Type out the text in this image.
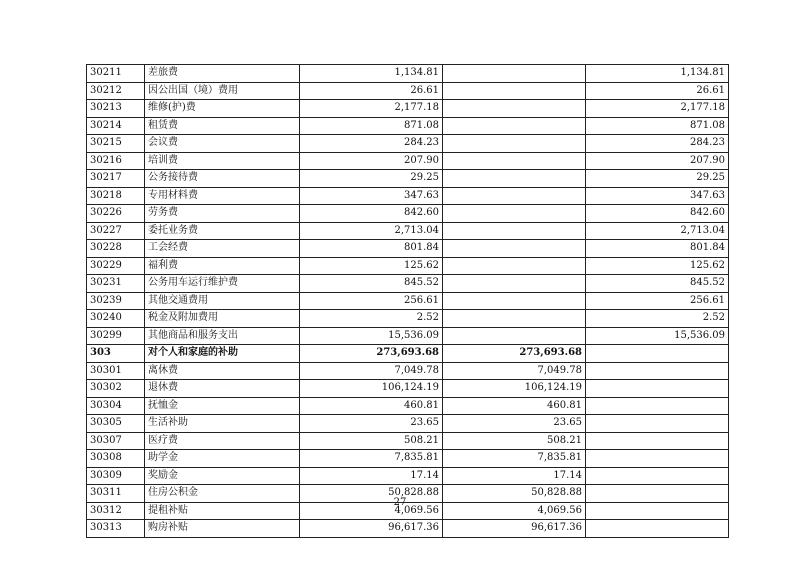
30211	差旅费	1,134.81		1,134.81
30212	因公出国（境）费用	26.61		26.61
30213	维修(护)费	2,177.18		2,177.18
30214	租赁费	871.08		871.08
30215	会议费	284.23		284.23
30216	培训费	207.90		207.90
30217	公务接待费	29.25		29.25
30218	专用材料费	347.63		347.63
30226	劳务费	842.60		842.60
30227	委托业务费	2,713.04		2,713.04
30228	工会经费	801.84		801.84
30229	福利费	125.62		125.62
30231	公务用车运行维护费	845.52		845.52
30239	其他交通费用	256.61		256.61
30240	税金及附加费用	2.52		2.52
30299	其他商品和服务支出	15,536.09		15,536.09
303	对个人和家庭的补助	273,693.68	273,693.68	
30301	离休费	7,049.78	7,049.78	
30302	退休费	106,124.19	106,124.19	
30304	抚恤金	460.81	460.81	
30305	生活补助	23.65	23.65	
30307	医疗费	508.21	508.21	
30308	助学金	7,835.81	7,835.81	
30309	奖励金	17.14	17.14	
30311	住房公积金	50,828.88	50,828.88	
30312	提租补贴	4,069.56	4,069.56	
30313	购房补贴	96,617.36	96,617.36	
27
